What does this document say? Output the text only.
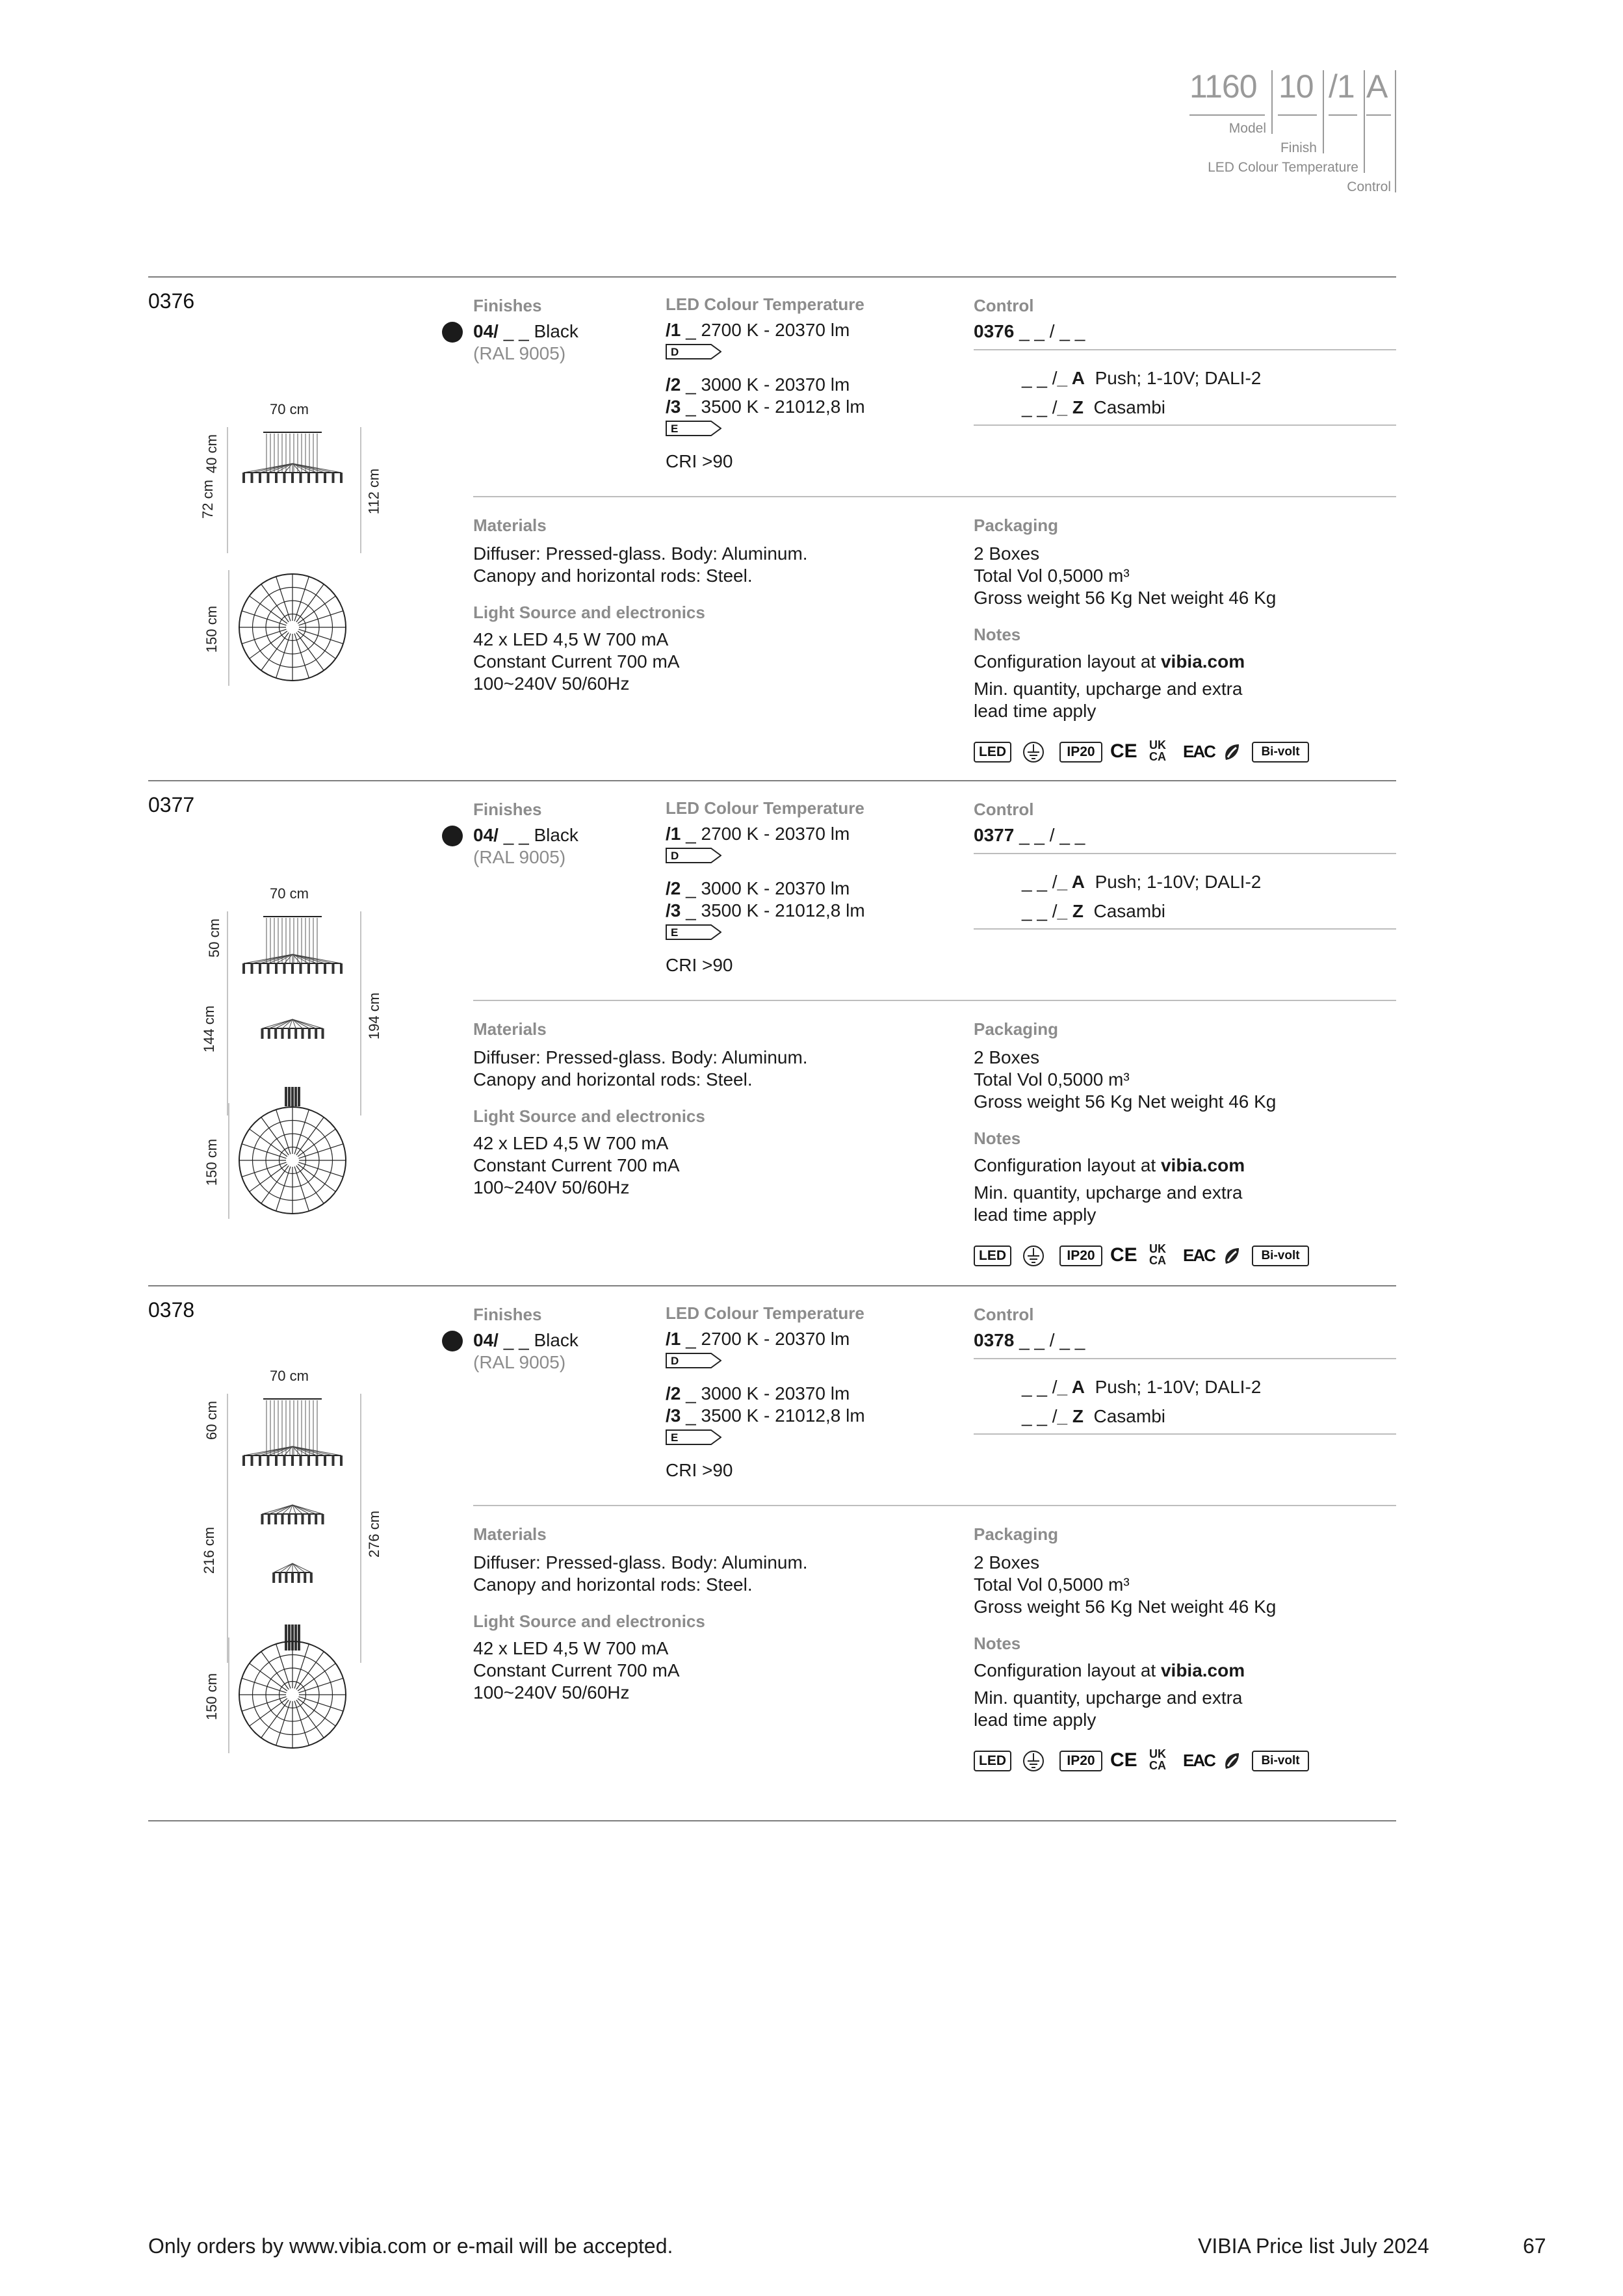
1160 10 /1 A
Model
Finish
LED Colour Temperature
Control
0376
70 cm
40 cm
72 cm	112 cm
150 cm
Finishes
04/ _ _ Black
(RAL 9005)
LED Colour Temperature
/1 _ 2700 K - 20370 lm
D
/2 _ 3000 K - 20370 lm
/3 _ 3500 K - 21012,8 lm
E
CRI >90
Control
0376 _ _ / _ _
_ _ /_ A Push; 1-10V; DALI-2
_ _ /_ Z Casambi
Materials
Diffuser: Pressed-glass. Body: Aluminum.
Canopy and horizontal rods: Steel.
Light Source and electronics
42 x LED 4,5 W 700 mA
Constant Current 700 mA
100~240V 50/60Hz
Packaging
2 Boxes
Total Vol 0,5000 m³
Gross weight 56 Kg Net weight 46 Kg
Notes
Configuration layout at vibia.com
Min. quantity, upcharge and extra
lead time apply
LED	IP20 CE UK
CA	EAC	Bi-volt
0377
70 cm
50 cm
144 cm	194 cm
150 cm
Finishes
04/ _ _ Black
(RAL 9005)
LED Colour Temperature
/1 _ 2700 K - 20370 lm
D
/2 _ 3000 K - 20370 lm
/3 _ 3500 K - 21012,8 lm
E
CRI >90
Control
0377 _ _ / _ _
_ _ /_ A Push; 1-10V; DALI-2
_ _ /_ Z Casambi
Materials
Diffuser: Pressed-glass. Body: Aluminum.
Canopy and horizontal rods: Steel.
Light Source and electronics
42 x LED 4,5 W 700 mA
Constant Current 700 mA
100~240V 50/60Hz
Packaging
2 Boxes
Total Vol 0,5000 m³
Gross weight 56 Kg Net weight 46 Kg
Notes
Configuration layout at vibia.com
Min. quantity, upcharge and extra
lead time apply
LED	IP20 CE UK
CA	EAC	Bi-volt
0378
70 cm
60 cm
216 cm	276 cm
150 cm
Finishes
04/ _ _ Black
(RAL 9005)
LED Colour Temperature
/1 _ 2700 K - 20370 lm
D
/2 _ 3000 K - 20370 lm
/3 _ 3500 K - 21012,8 lm
E
CRI >90
Control
0378 _ _ / _ _
_ _ /_ A Push; 1-10V; DALI-2
_ _ /_ Z Casambi
Materials
Diffuser: Pressed-glass. Body: Aluminum.
Canopy and horizontal rods: Steel.
Light Source and electronics
42 x LED 4,5 W 700 mA
Constant Current 700 mA
100~240V 50/60Hz
Packaging
2 Boxes
Total Vol 0,5000 m³
Gross weight 56 Kg Net weight 46 Kg
Notes
Configuration layout at vibia.com
Min. quantity, upcharge and extra
lead time apply
LED	IP20 CE UK
CA	EAC	Bi-volt
Only orders by www.vibia.com or e-mail will be accepted.	VIBIA Price list July 2024	67
